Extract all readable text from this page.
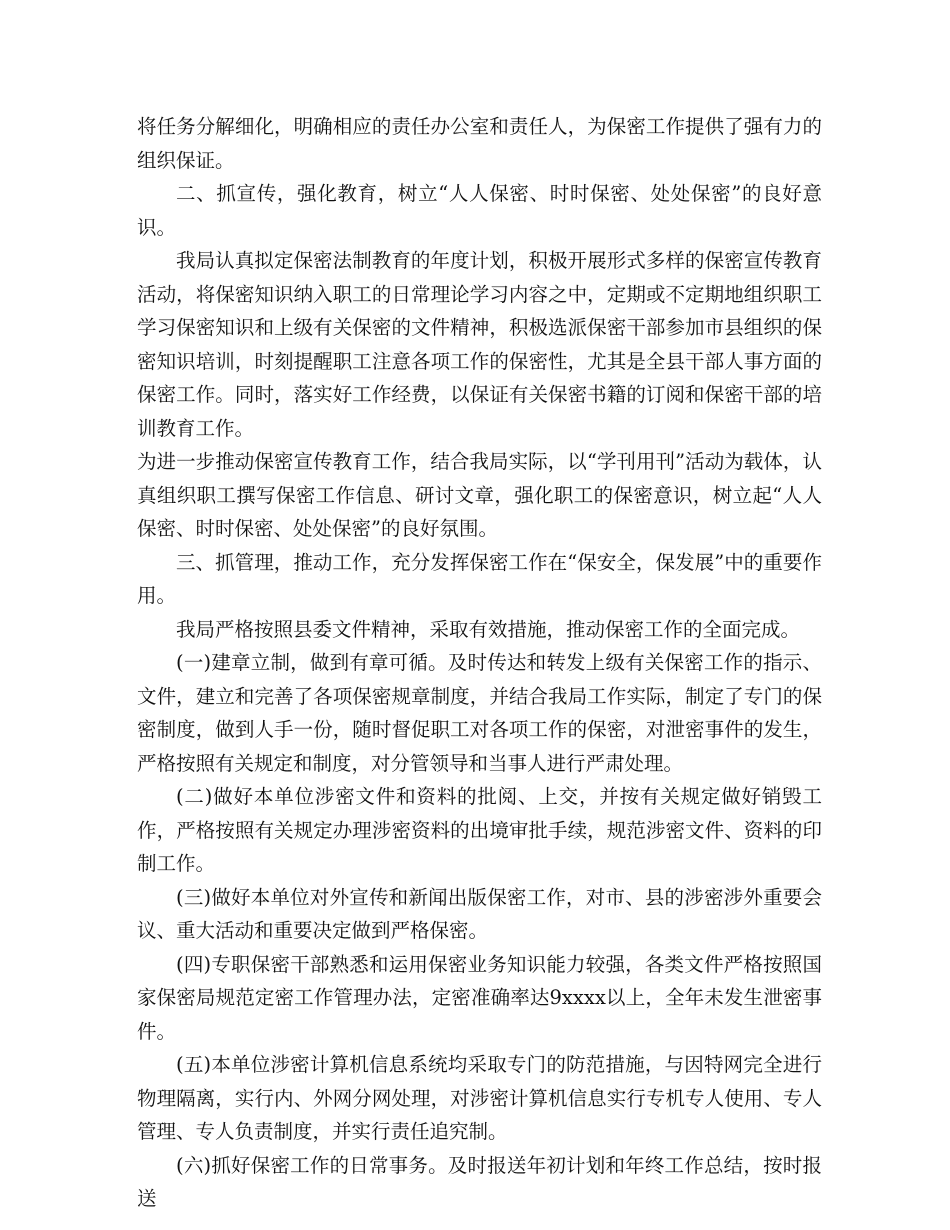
将任务分解细化，明确相应的责任办公室和责任人，为保密工作提供了强有力的组织保证。

二、抓宣传，强化教育，树立“人人保密、时时保密、处处保密”的良好意识。

我局认真拟定保密法制教育的年度计划，积极开展形式多样的保密宣传教育活动，将保密知识纳入职工的日常理论学习内容之中，定期或不定期地组织职工学习保密知识和上级有关保密的文件精神，积极选派保密干部参加市县组织的保密知识培训，时刻提醒职工注意各项工作的保密性，尤其是全县干部人事方面的保密工作。同时，落实好工作经费，以保证有关保密书籍的订阅和保密干部的培训教育工作。

为进一步推动保密宣传教育工作，结合我局实际，以“学刊用刊”活动为载体，认真组织职工撰写保密工作信息、研讨文章，强化职工的保密意识，树立起“人人保密、时时保密、处处保密”的良好氛围。

三、抓管理，推动工作，充分发挥保密工作在“保安全，保发展”中的重要作用。

我局严格按照县委文件精神，采取有效措施，推动保密工作的全面完成。

(一)建章立制，做到有章可循。及时传达和转发上级有关保密工作的指示、文件，建立和完善了各项保密规章制度，并结合我局工作实际，制定了专门的保密制度，做到人手一份，随时督促职工对各项工作的保密，对泄密事件的发生，严格按照有关规定和制度，对分管领导和当事人进行严肃处理。

(二)做好本单位涉密文件和资料的批阅、上交，并按有关规定做好销毁工作，严格按照有关规定办理涉密资料的出境审批手续，规范涉密文件、资料的印制工作。

(三)做好本单位对外宣传和新闻出版保密工作，对市、县的涉密涉外重要会议、重大活动和重要决定做到严格保密。

(四)专职保密干部熟悉和运用保密业务知识能力较强，各类文件严格按照国家保密局规范定密工作管理办法，定密准确率达9xxxx以上，全年未发生泄密事件。

(五)本单位涉密计算机信息系统均采取专门的防范措施，与因特网完全进行物理隔离，实行内、外网分网处理，对涉密计算机信息实行专机专人使用、专人管理、专人负责制度，并实行责任追究制。

(六)抓好保密工作的日常事务。及时报送年初计划和年终工作总结，按时报送
